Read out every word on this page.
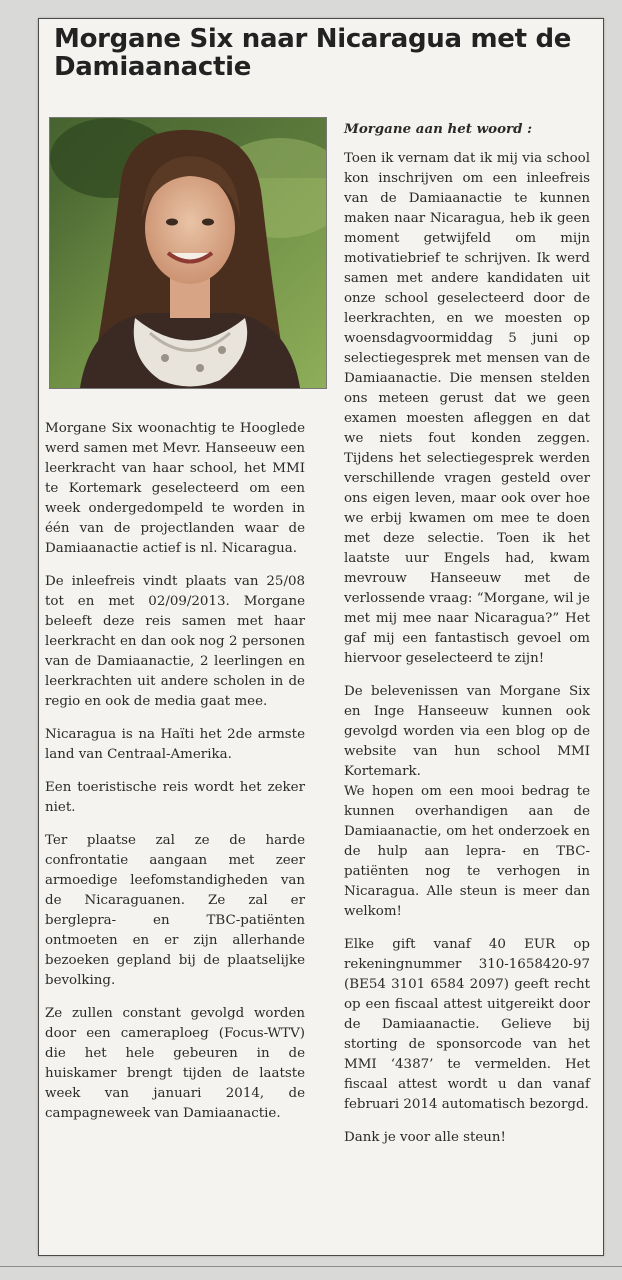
Morgane Six naar Nicaragua met de Damiaanactie

Morgane Six woonachtig te Hooglede werd samen met Mevr. Hanseeuw een leerkracht van haar school, het MMI te Kortemark geselecteerd om een week ondergedompeld te worden in één van de projectlanden waar de Damiaanactie actief is nl. Nicaragua.

De inleefreis vindt plaats van 25/08 tot en met 02/09/2013. Morgane beleeft deze reis samen met haar leerkracht en dan ook nog 2 personen van de Damiaanactie, 2 leerlingen en leerkrachten uit andere scholen in de regio en ook de media gaat mee.

Nicaragua is na Haïti het 2de armste land van Centraal-Amerika.

Een toeristische reis wordt het zeker niet.

Ter plaatse zal ze de harde confrontatie aangaan met zeer armoedige leefomstandigheden van de Nicaraguanen. Ze zal er berglepra- en TBC-patiënten ontmoeten en er zijn allerhande bezoeken gepland bij de plaatselijke bevolking.

Ze zullen constant gevolgd worden door een cameraploeg (Focus-WTV) die het hele gebeuren in de huiskamer brengt tijden de laatste week van januari 2014, de campagneweek van Damiaanactie.

Morgane aan het woord :

Toen ik vernam dat ik mij via school kon inschrijven om een inleefreis van de Damiaanactie te kunnen maken naar Nicaragua, heb ik geen moment getwijfeld om mijn motivatiebrief te schrijven. Ik werd samen met andere kandidaten uit onze school geselecteerd door de leerkrachten, en we moesten op woensdagvoormiddag 5 juni op selectiegesprek met mensen van de Damiaanactie. Die mensen stelden ons meteen gerust dat we geen examen moesten afleggen en dat we niets fout konden zeggen. Tijdens het selectiegesprek werden verschillende vragen gesteld over ons eigen leven, maar ook over hoe we erbij kwamen om mee te doen met deze selectie. Toen ik het laatste uur Engels had, kwam mevrouw Hanseeuw met de verlossende vraag: “Morgane, wil je met mij mee naar Nicaragua?” Het gaf mij een fantastisch gevoel om hiervoor geselecteerd te zijn!

De belevenissen van Morgane Six en Inge Hanseeuw kunnen ook gevolgd worden via een blog op de website van hun school MMI Kortemark.

We hopen om een mooi bedrag te kunnen overhandigen aan de Damiaanactie, om het onderzoek en de hulp aan lepra- en TBC-patiënten nog te verhogen in Nicaragua. Alle steun is meer dan welkom!

Elke gift vanaf 40 EUR op rekeningnummer 310-1658420-97 (BE54 3101 6584 2097) geeft recht op een fiscaal attest uitgereikt door de Damiaanactie. Gelieve bij storting de sponsorcode van het MMI ‘4387’ te vermelden. Het fiscaal attest wordt u dan vanaf februari 2014 automatisch bezorgd.

Dank je voor alle steun!
